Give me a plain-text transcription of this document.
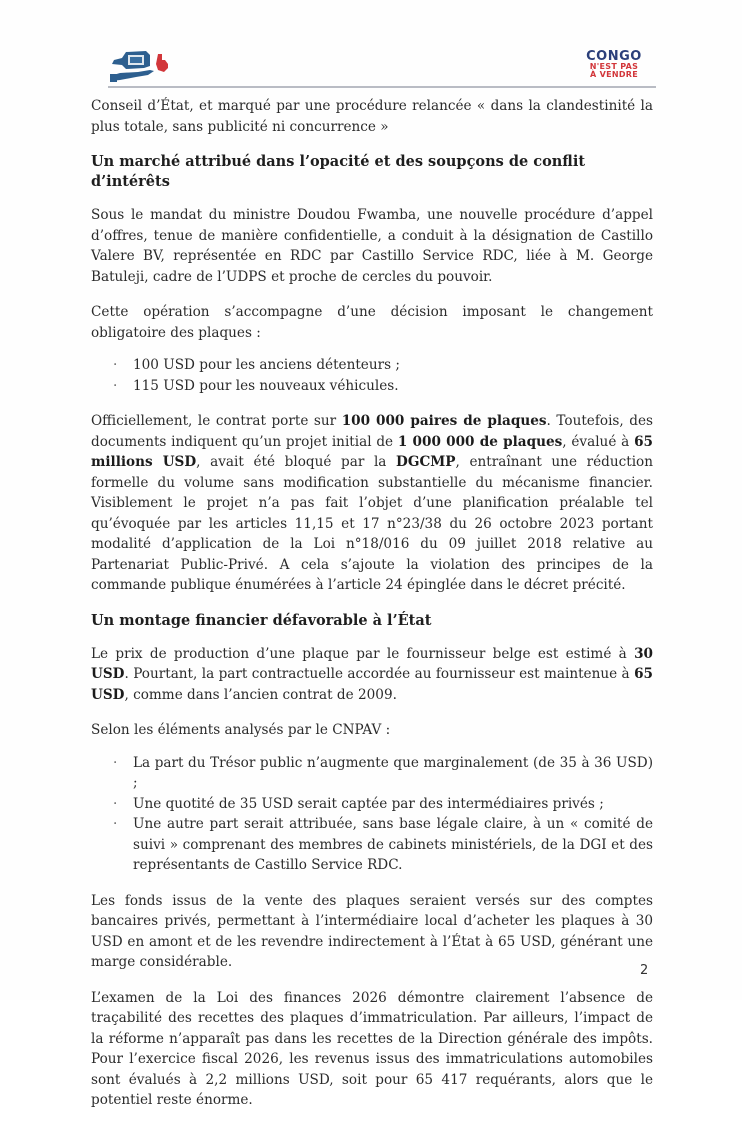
CONGO
N'EST PAS
À VENDRE

Conseil d’État, et marqué par une procédure relancée « dans la clandestinité la plus totale, sans publicité ni concurrence »

Un marché attribué dans l’opacité et des soupçons de conflit d’intérêts

Sous le mandat du ministre Doudou Fwamba, une nouvelle procédure d’appel d’offres, tenue de manière confidentielle, a conduit à la désignation de Castillo Valere BV, représentée en RDC par Castillo Service RDC, liée à M. George Batuleji, cadre de l’UDPS et proche de cercles du pouvoir.

Cette opération s’accompagne d’une décision imposant le changement obligatoire des plaques :

· 100 USD pour les anciens détenteurs ;
· 115 USD pour les nouveaux véhicules.

Officiellement, le contrat porte sur 100 000 paires de plaques. Toutefois, des documents indiquent qu’un projet initial de 1 000 000 de plaques, évalué à 65 millions USD, avait été bloqué par la DGCMP, entraînant une réduction formelle du volume sans modification substantielle du mécanisme financier. Visiblement le projet n’a pas fait l’objet d’une planification préalable tel qu’évoquée par les articles 11,15 et 17 n°23/38 du 26 octobre 2023 portant modalité d’application de la Loi n°18/016 du 09 juillet 2018 relative au Partenariat Public-Privé. A cela s’ajoute la violation des principes de la commande publique énumérées à l’article 24 épinglée dans le décret précité.

Un montage financier défavorable à l’État

Le prix de production d’une plaque par le fournisseur belge est estimé à 30 USD. Pourtant, la part contractuelle accordée au fournisseur est maintenue à 65 USD, comme dans l’ancien contrat de 2009.

Selon les éléments analysés par le CNPAV :

· La part du Trésor public n’augmente que marginalement (de 35 à 36 USD) ;
· Une quotité de 35 USD serait captée par des intermédiaires privés ;
· Une autre part serait attribuée, sans base légale claire, à un « comité de suivi » comprenant des membres de cabinets ministériels, de la DGI et des représentants de Castillo Service RDC.

Les fonds issus de la vente des plaques seraient versés sur des comptes bancaires privés, permettant à l’intermédiaire local d’acheter les plaques à 30 USD en amont et de les revendre indirectement à l’État à 65 USD, générant une marge considérable.

L’examen de la Loi des finances 2026 démontre clairement l’absence de traçabilité des recettes des plaques d’immatriculation. Par ailleurs, l’impact de la réforme n’apparaît pas dans les recettes de la Direction générale des impôts. Pour l’exercice fiscal 2026, les revenus issus des immatriculations automobiles sont évalués à 2,2 millions USD, soit pour 65 417 requérants, alors que le potentiel reste énorme.

2
